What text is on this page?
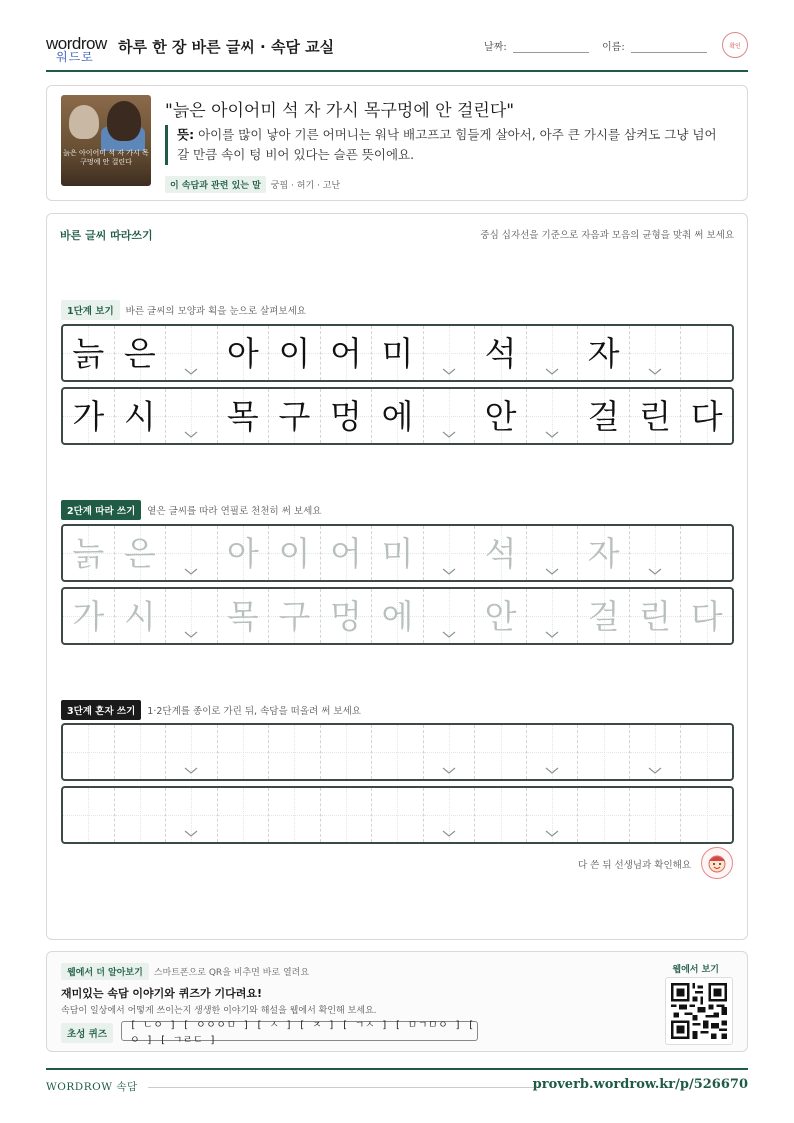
wordrow
워드로
하루 한 장 바른 글씨 · 속담 교실	날짜:	이름:	확인
늙은 아이어미 석 자 가시 목구멍에 안 걸린다
"늙은 아이어미 석 자 가시 목구멍에 안 걸린다"
뜻: 아이를 많이 낳아 기른 어머니는 워낙 배고프고 힘들게 살아서, 아주 큰 가시를 삼켜도 그냥 넘어갈 만큼 속이 텅 비어 있다는 슬픈 뜻이에요.
이 속담과 관련 있는 말 궁핍 · 허기 · 고난
바른 글씨 따라쓰기	중심 십자선을 기준으로 자음과 모음의 균형을 맞춰 써 보세요
1단계 보기 바른 글씨의 모양과 획을 눈으로 살펴보세요
늙 은 아 이 어 미 석 자
가 시 목 구 멍 에 안 걸 린 다
2단계 따라 쓰기 옅은 글씨를 따라 연필로 천천히 써 보세요
늙 은 아 이 어 미 석 자
가 시 목 구 멍 에 안 걸 린 다
3단계 혼자 쓰기 1·2단계를 종이로 가린 뒤, 속담을 떠올려 써 보세요
다 쓴 뒤 선생님과 확인해요
웹에서 더 알아보기 스마트폰으로 QR을 비추면 바로 열려요
재미있는 속담 이야기와 퀴즈가 기다려요!
속담이 일상에서 어떻게 쓰이는지 생생한 이야기와 해설을 웹에서 확인해 보세요.
초성 퀴즈
[ ㄴㅇ ] [ ㅇㅇㅇㅁ ] [ ㅅ ] [ ㅈ ] [ ㄱㅅ ] [ ㅁㄱㅁㅇ ] [ ㅇ ] [ ㄱㄹㄷ ]
웹에서 보기
WORDROW 속담	proverb.wordrow.kr/p/526670
